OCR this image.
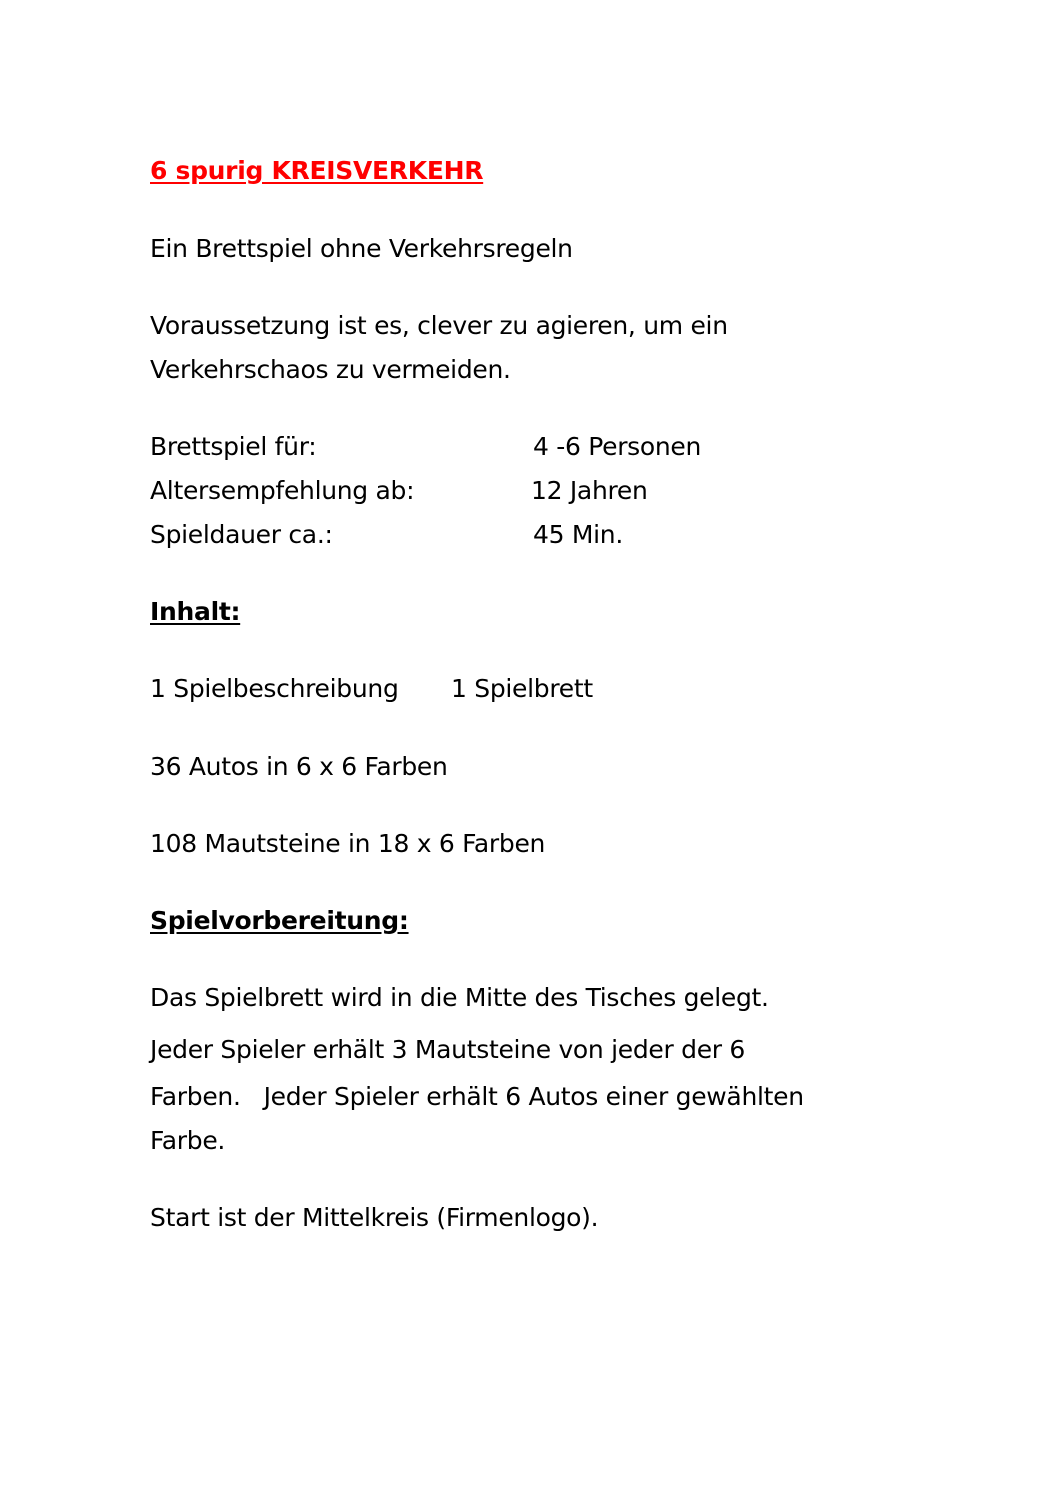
6 spurig KREISVERKEHR
Ein Brettspiel ohne Verkehrsregeln
Voraussetzung ist es, clever zu agieren, um ein
Verkehrschaos zu vermeiden.
Brettspiel für:	4 -6 Personen
Altersempfehlung ab:	12 Jahren
Spieldauer ca.:	45 Min.
Inhalt:
1 Spielbeschreibung 1 Spielbrett
36 Autos in 6 x 6 Farben
108 Mautsteine in 18 x 6 Farben
Spielvorbereitung:
Das Spielbrett wird in die Mitte des Tisches gelegt.
Jeder Spieler erhält 3 Mautsteine von jeder der 6
Farben.   Jeder Spieler erhält 6 Autos einer gewählten
Farbe.
Start ist der Mittelkreis (Firmenlogo).
